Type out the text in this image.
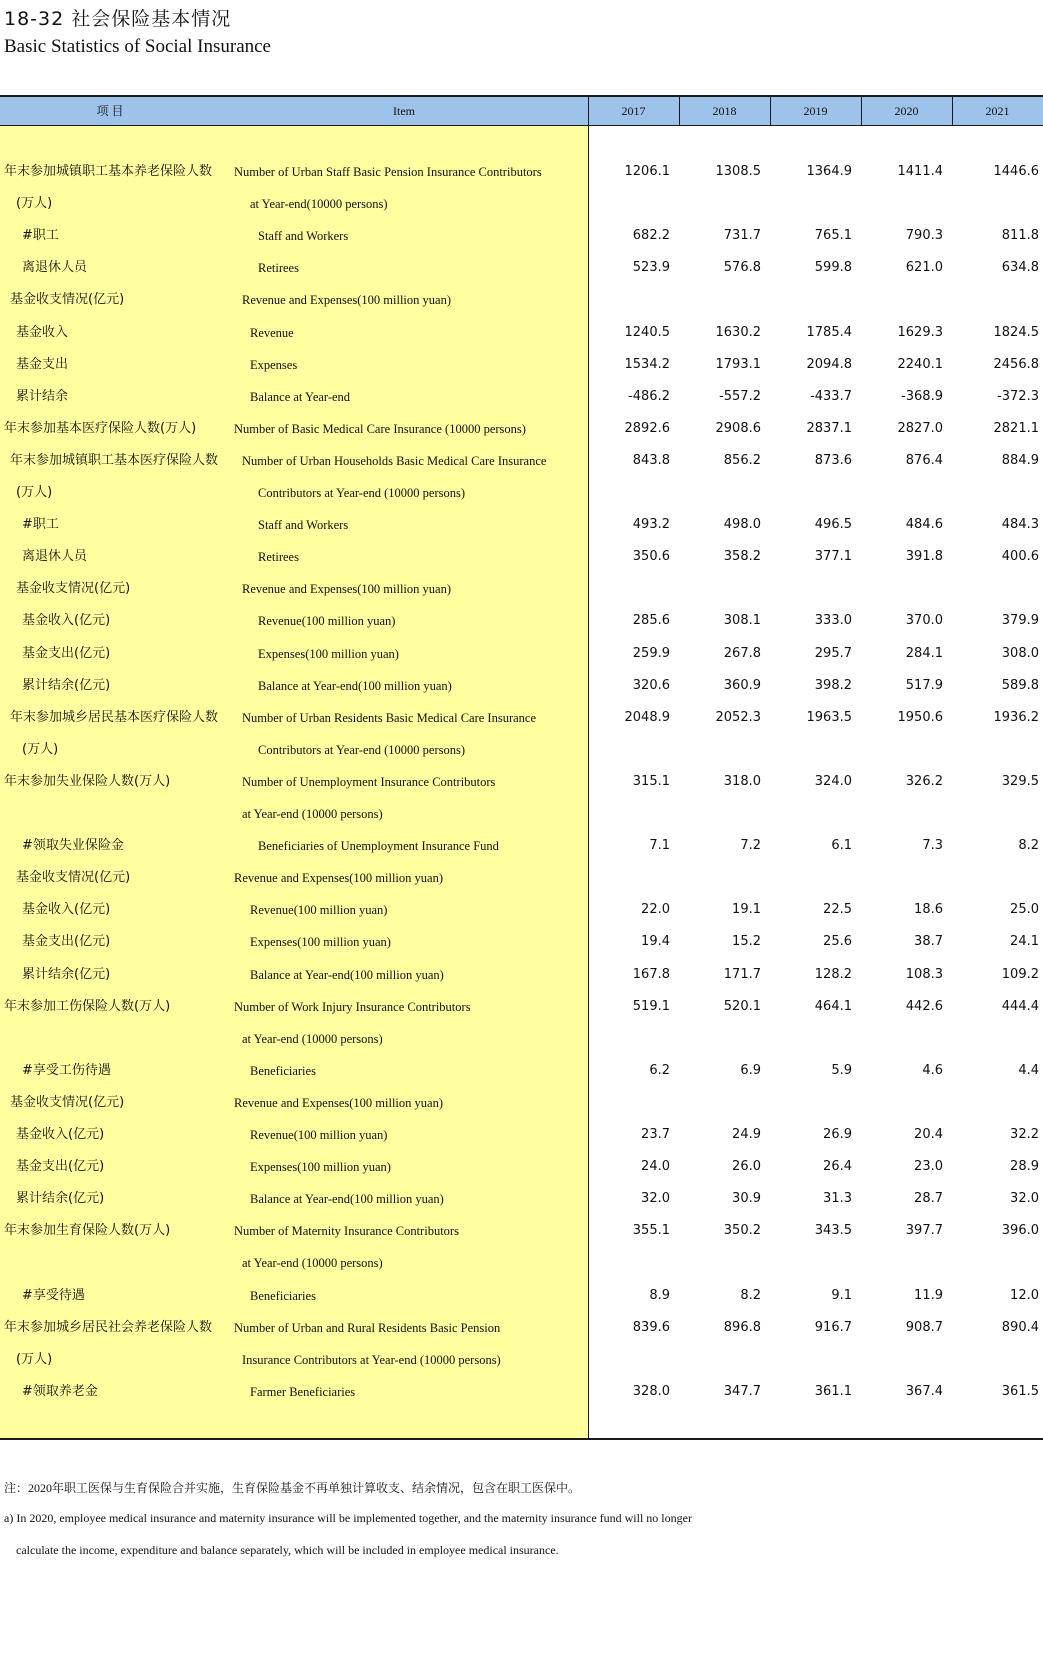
18-32 社会保险基本情况
Basic Statistics of Social Insurance
项 目	Item	2017	2018	2019	2020	2021
年末参加城镇职工基本养老保险人数 Number of Urban Staff Basic Pension Insurance Contributors	1206.1	1308.5	1364.9	1411.4	1446.6
(万人)	at Year-end(10000 persons)
#职工	Staff and Workers	682.2	731.7	765.1	790.3	811.8
离退休人员	Retirees	523.9	576.8	599.8	621.0	634.8
基金收支情况(亿元)	Revenue and Expenses(100 million yuan)
基金收入	Revenue	1240.5	1630.2	1785.4	1629.3	1824.5
基金支出	Expenses	1534.2	1793.1	2094.8	2240.1	2456.8
累计结余	Balance at Year-end	-486.2	-557.2	-433.7	-368.9	-372.3
年末参加基本医疗保险人数(万人)	Number of Basic Medical Care Insurance (10000 persons)	2892.6	2908.6	2837.1	2827.0	2821.1
年末参加城镇职工基本医疗保险人数 Number of Urban Households Basic Medical Care Insurance	843.8	856.2	873.6	876.4	884.9
(万人)	Contributors at Year-end (10000 persons)
#职工	Staff and Workers	493.2	498.0	496.5	484.6	484.3
离退休人员	Retirees	350.6	358.2	377.1	391.8	400.6
基金收支情况(亿元)	Revenue and Expenses(100 million yuan)
基金收入(亿元)	Revenue(100 million yuan)	285.6	308.1	333.0	370.0	379.9
基金支出(亿元)	Expenses(100 million yuan)	259.9	267.8	295.7	284.1	308.0
累计结余(亿元)	Balance at Year-end(100 million yuan)	320.6	360.9	398.2	517.9	589.8
年末参加城乡居民基本医疗保险人数 Number of Urban Residents Basic Medical Care Insurance	2048.9	2052.3	1963.5	1950.6	1936.2
(万人)	Contributors at Year-end (10000 persons)
年末参加失业保险人数(万人)	Number of Unemployment Insurance Contributors	315.1	318.0	324.0	326.2	329.5
at Year-end (10000 persons)
#领取失业保险金	Beneficiaries of Unemployment Insurance Fund	7.1	7.2	6.1	7.3	8.2
基金收支情况(亿元)	Revenue and Expenses(100 million yuan)
基金收入(亿元)	Revenue(100 million yuan)	22.0	19.1	22.5	18.6	25.0
基金支出(亿元)	Expenses(100 million yuan)	19.4	15.2	25.6	38.7	24.1
累计结余(亿元)	Balance at Year-end(100 million yuan)	167.8	171.7	128.2	108.3	109.2
年末参加工伤保险人数(万人)	Number of Work Injury Insurance Contributors	519.1	520.1	464.1	442.6	444.4
at Year-end (10000 persons)
#享受工伤待遇	Beneficiaries	6.2	6.9	5.9	4.6	4.4
基金收支情况(亿元)	Revenue and Expenses(100 million yuan)
基金收入(亿元)	Revenue(100 million yuan)	23.7	24.9	26.9	20.4	32.2
基金支出(亿元)	Expenses(100 million yuan)	24.0	26.0	26.4	23.0	28.9
累计结余(亿元)	Balance at Year-end(100 million yuan)	32.0	30.9	31.3	28.7	32.0
年末参加生育保险人数(万人)	Number of Maternity Insurance Contributors	355.1	350.2	343.5	397.7	396.0
at Year-end (10000 persons)
#享受待遇	Beneficiaries	8.9	8.2	9.1	11.9	12.0
年末参加城乡居民社会养老保险人数 Number of Urban and Rural Residents Basic Pension	839.6	896.8	916.7	908.7	890.4
(万人)	Insurance Contributors at Year-end (10000 persons)
#领取养老金	Farmer Beneficiaries	328.0	347.7	361.1	367.4	361.5
注：2020年职工医保与生育保险合并实施，生育保险基金不再单独计算收支、结余情况，包含在职工医保中。
a) In 2020, employee medical insurance and maternity insurance will be implemented together, and the maternity insurance fund will no longer
calculate the income, expenditure and balance separately, which will be included in employee medical insurance.
